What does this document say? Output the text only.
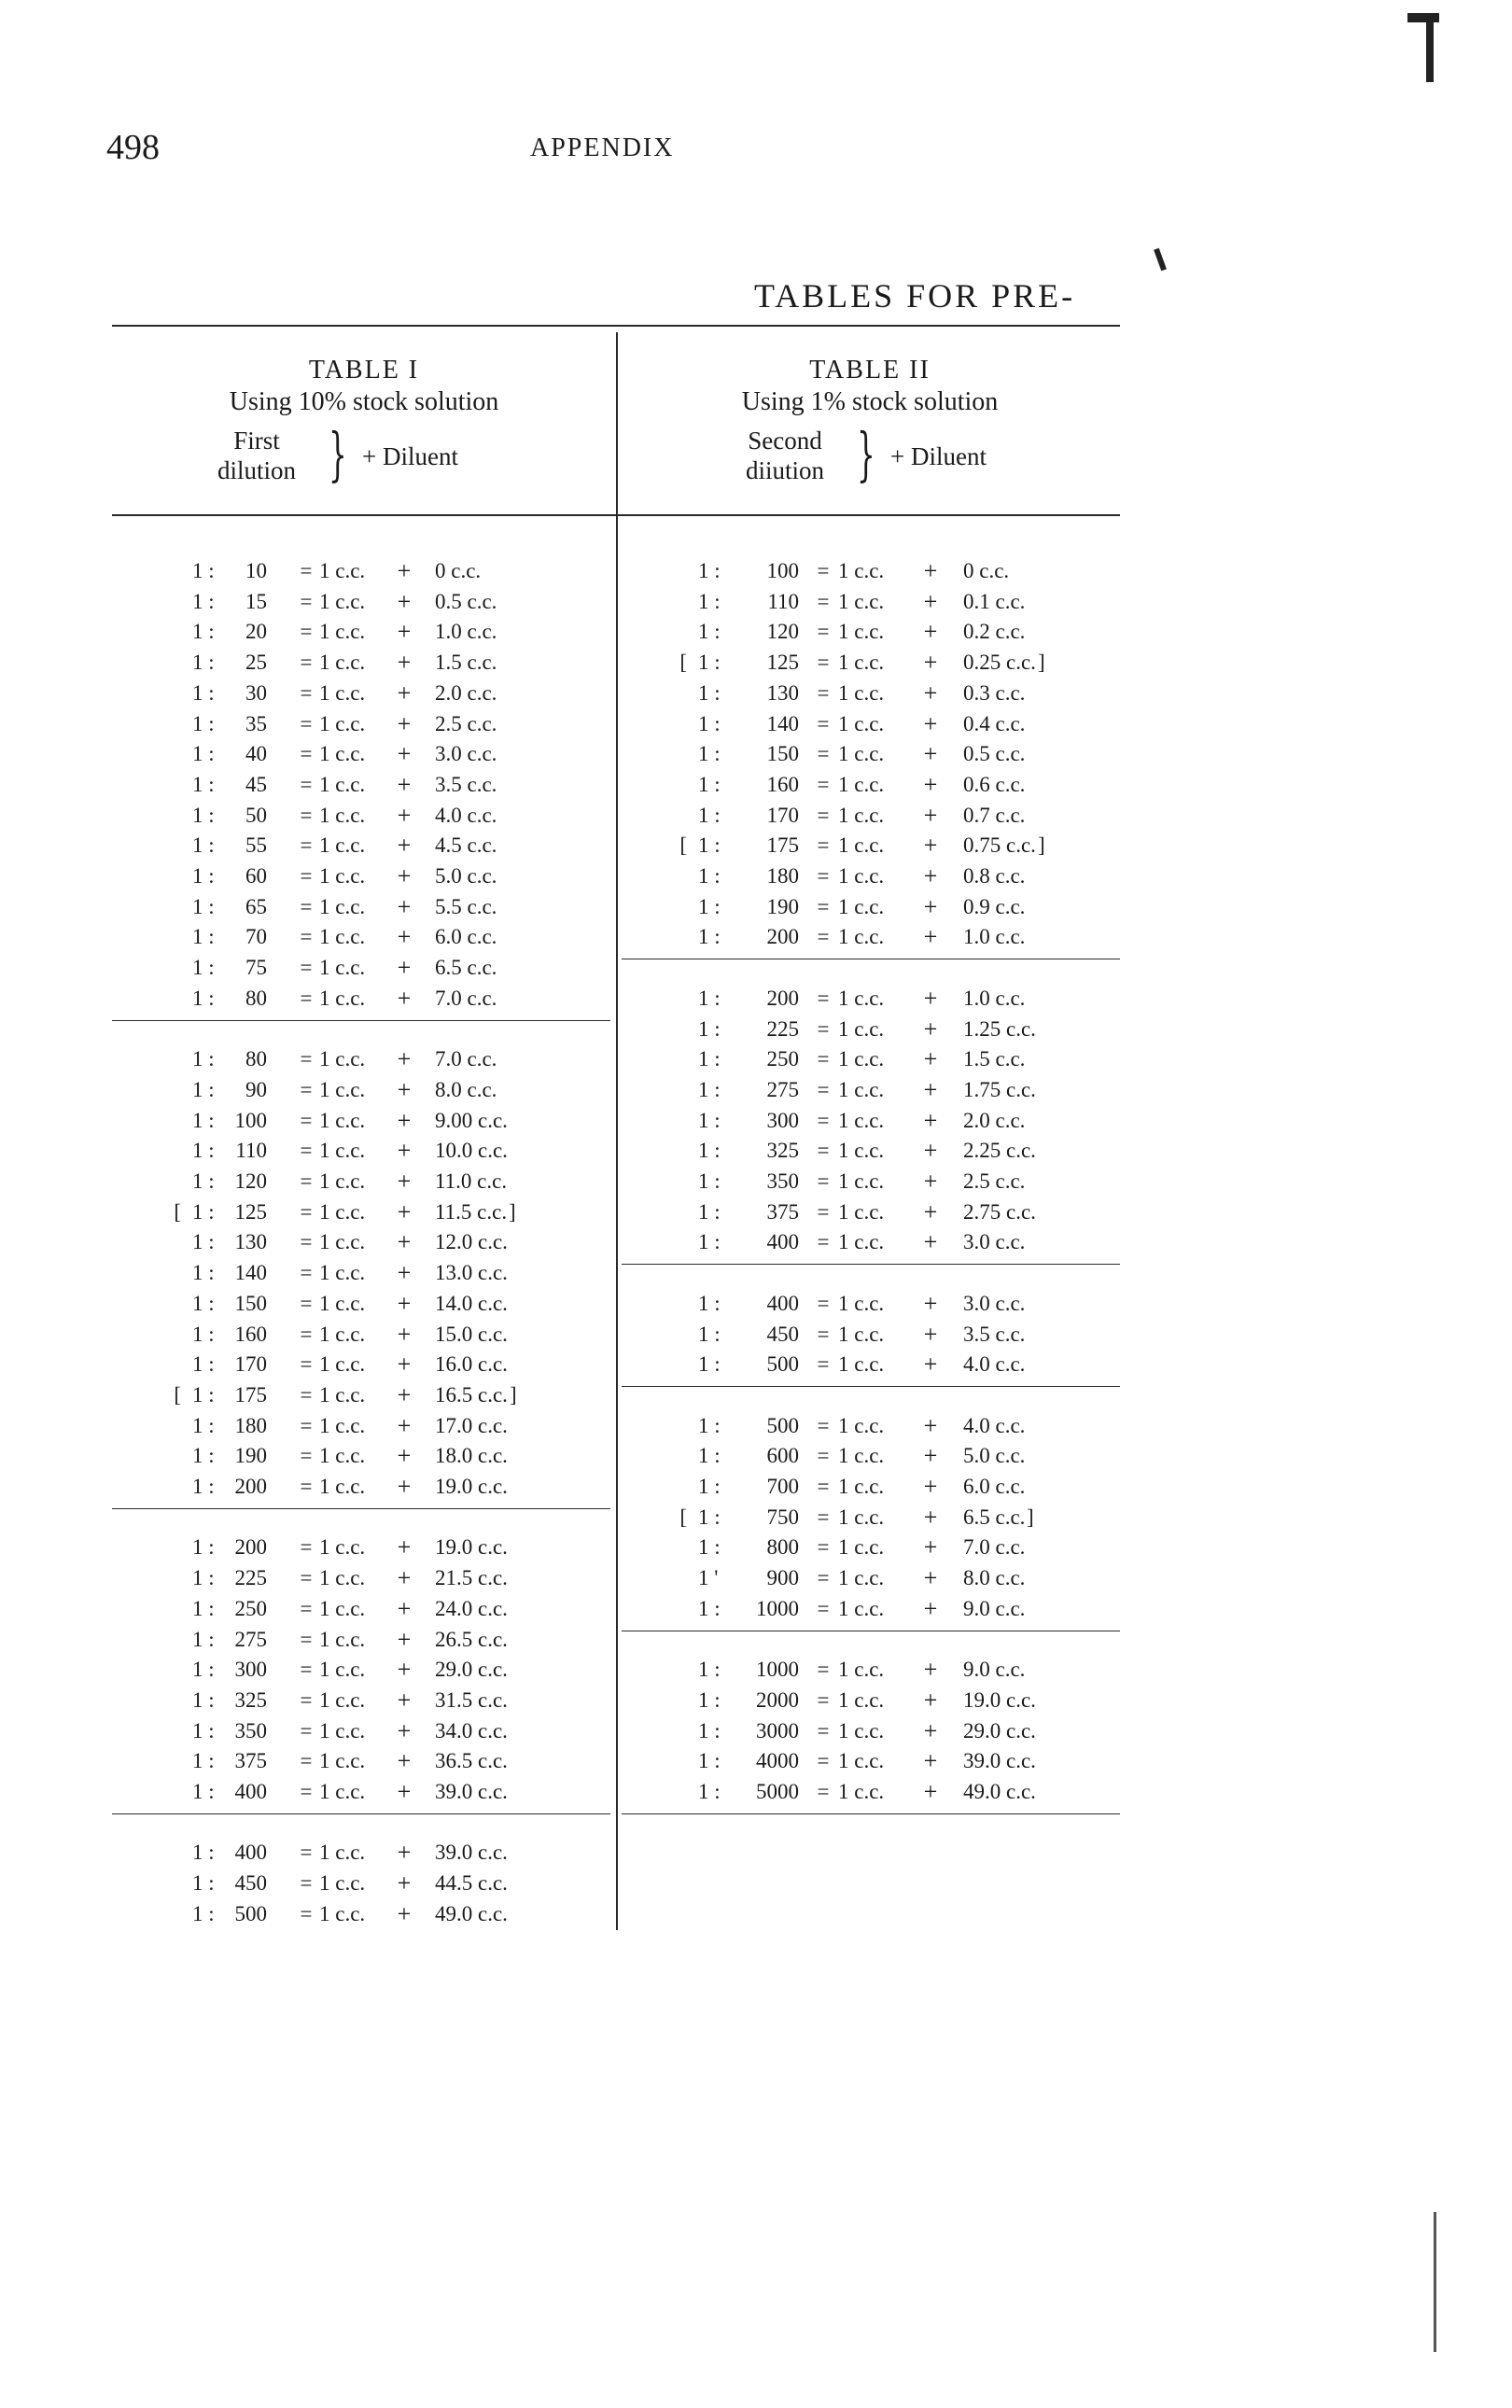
498	APPENDIX
TABLES FOR PRE-
TABLE I
Using 10% stock solution
First
dilution } + Diluent
TABLE II
Using 1% stock solution
Second
diiution } + Diluent
1 :	10 = 1 c.c. + 0 c.c.
1 :	15 = 1 c.c. + 0.5 c.c.
1 :	20 = 1 c.c. + 1.0 c.c.
1 :	25 = 1 c.c. + 1.5 c.c.
1 :	30 = 1 c.c. + 2.0 c.c.
1 :	35 = 1 c.c. + 2.5 c.c.
1 :	40 = 1 c.c. + 3.0 c.c.
1 :	45 = 1 c.c. + 3.5 c.c.
1 :	50 = 1 c.c. + 4.0 c.c.
1 :	55 = 1 c.c. + 4.5 c.c.
1 :	60 = 1 c.c. + 5.0 c.c.
1 :	65 = 1 c.c. + 5.5 c.c.
1 :	70 = 1 c.c. + 6.0 c.c.
1 :	75 = 1 c.c. + 6.5 c.c.
1 :	80 = 1 c.c. + 7.0 c.c.
1 :	80 = 1 c.c. + 7.0 c.c.
1 :	90 = 1 c.c. + 8.0 c.c.
1 : 100 = 1 c.c. + 9.00 c.c.
1 : 110 = 1 c.c. + 10.0 c.c.
1 : 120 = 1 c.c. + 11.0 c.c.
[ 1 : 125 = 1 c.c. + 11.5 c.c. ]
1 : 130 = 1 c.c. + 12.0 c.c.
1 : 140 = 1 c.c. + 13.0 c.c.
1 : 150 = 1 c.c. + 14.0 c.c.
1 : 160 = 1 c.c. + 15.0 c.c.
1 : 170 = 1 c.c. + 16.0 c.c.
[ 1 : 175 = 1 c.c. + 16.5 c.c. ]
1 : 180 = 1 c.c. + 17.0 c.c.
1 : 190 = 1 c.c. + 18.0 c.c.
1 : 200 = 1 c.c. + 19.0 c.c.
1 : 200 = 1 c.c. + 19.0 c.c.
1 : 225 = 1 c.c. + 21.5 c.c.
1 : 250 = 1 c.c. + 24.0 c.c.
1 : 275 = 1 c.c. + 26.5 c.c.
1 : 300 = 1 c.c. + 29.0 c.c.
1 : 325 = 1 c.c. + 31.5 c.c.
1 : 350 = 1 c.c. + 34.0 c.c.
1 : 375 = 1 c.c. + 36.5 c.c.
1 : 400 = 1 c.c. + 39.0 c.c.
1 : 400 = 1 c.c. + 39.0 c.c.
1 : 450 = 1 c.c. + 44.5 c.c.
1 : 500 = 1 c.c. + 49.0 c.c.
1 :	100 = 1 c.c. + 0 c.c.
1 :	110 = 1 c.c. + 0.1 c.c.
1 :	120 = 1 c.c. + 0.2 c.c.
[ 1 :	125 = 1 c.c. + 0.25 c.c. ]
1 :	130 = 1 c.c. + 0.3 c.c.
1 :	140 = 1 c.c. + 0.4 c.c.
1 :	150 = 1 c.c. + 0.5 c.c.
1 :	160 = 1 c.c. + 0.6 c.c.
1 :	170 = 1 c.c. + 0.7 c.c.
[ 1 :	175 = 1 c.c. + 0.75 c.c. ]
1 :	180 = 1 c.c. + 0.8 c.c.
1 :	190 = 1 c.c. + 0.9 c.c.
1 :	200 = 1 c.c. + 1.0 c.c.
1 :	200 = 1 c.c. + 1.0 c.c.
1 :	225 = 1 c.c. + 1.25 c.c.
1 :	250 = 1 c.c. + 1.5 c.c.
1 :	275 = 1 c.c. + 1.75 c.c.
1 :	300 = 1 c.c. + 2.0 c.c.
1 :	325 = 1 c.c. + 2.25 c.c.
1 :	350 = 1 c.c. + 2.5 c.c.
1 :	375 = 1 c.c. + 2.75 c.c.
1 :	400 = 1 c.c. + 3.0 c.c.
1 :	400 = 1 c.c. + 3.0 c.c.
1 :	450 = 1 c.c. + 3.5 c.c.
1 :	500 = 1 c.c. + 4.0 c.c.
1 :	500 = 1 c.c. + 4.0 c.c.
1 :	600 = 1 c.c. + 5.0 c.c.
1 :	700 = 1 c.c. + 6.0 c.c.
[ 1 :	750 = 1 c.c. + 6.5 c.c. ]
1 :	800 = 1 c.c. + 7.0 c.c.
1 '	900 = 1 c.c. + 8.0 c.c.
1 :	1000 = 1 c.c. + 9.0 c.c.
1 :	1000 = 1 c.c. + 9.0 c.c.
1 :	2000 = 1 c.c. + 19.0 c.c.
1 :	3000 = 1 c.c. + 29.0 c.c.
1 :	4000 = 1 c.c. + 39.0 c.c.
1 :	5000 = 1 c.c. + 49.0 c.c.
